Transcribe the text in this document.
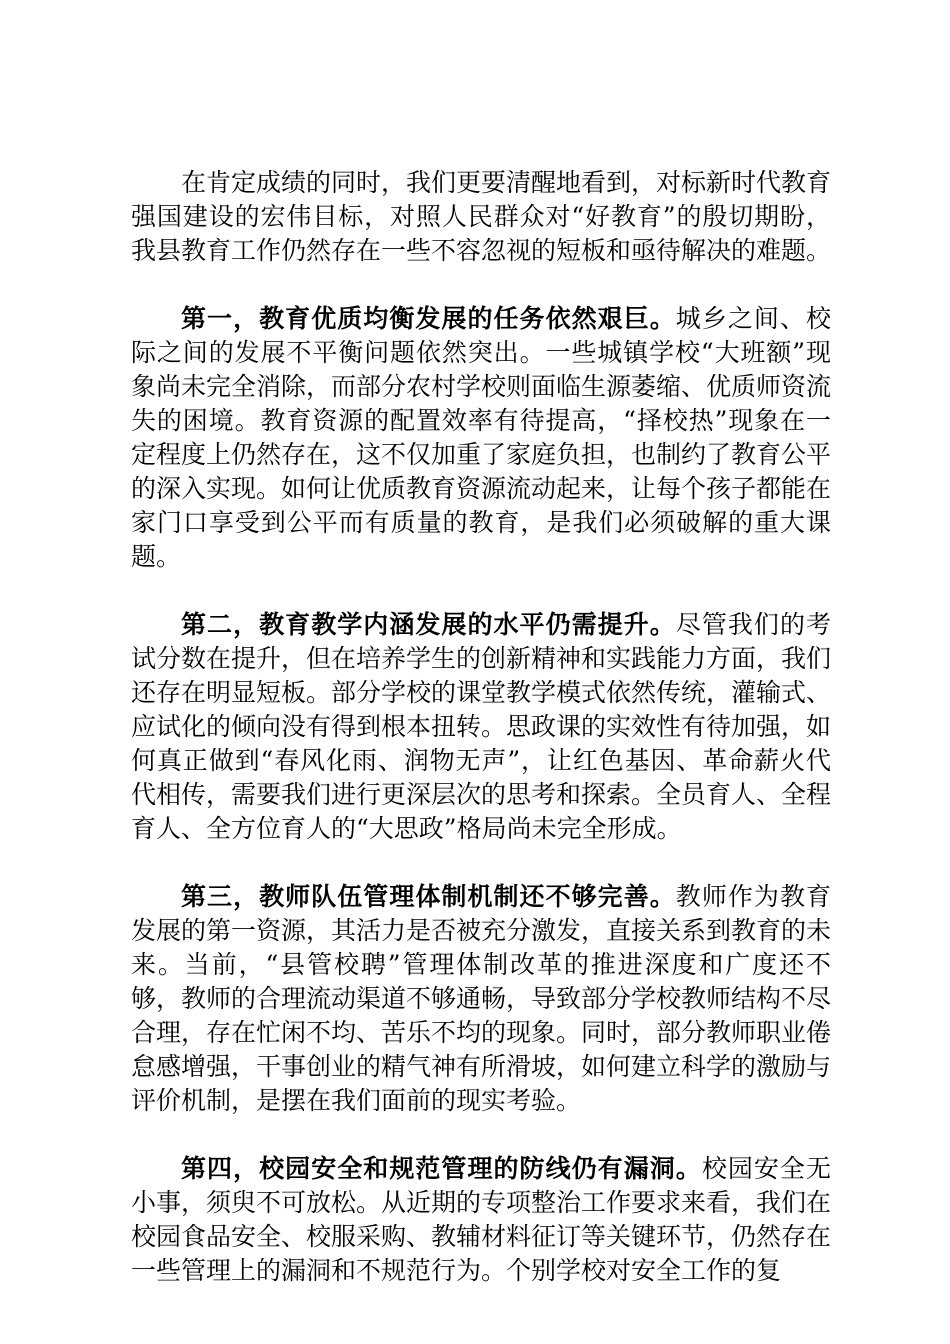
在肯定成绩的同时，我们更要清醒地看到，对标新时代教育强国建设的宏伟目标，对照人民群众对“好教育”的殷切期盼，我县教育工作仍然存在一些不容忽视的短板和亟待解决的难题。

第一，教育优质均衡发展的任务依然艰巨。城乡之间、校际之间的发展不平衡问题依然突出。一些城镇学校“大班额”现象尚未完全消除，而部分农村学校则面临生源萎缩、优质师资流失的困境。教育资源的配置效率有待提高，“择校热”现象在一定程度上仍然存在，这不仅加重了家庭负担，也制约了教育公平的深入实现。如何让优质教育资源流动起来，让每个孩子都能在家门口享受到公平而有质量的教育，是我们必须破解的重大课题。

第二，教育教学内涵发展的水平仍需提升。尽管我们的考试分数在提升，但在培养学生的创新精神和实践能力方面，我们还存在明显短板。部分学校的课堂教学模式依然传统，灌输式、应试化的倾向没有得到根本扭转。思政课的实效性有待加强，如何真正做到“春风化雨、润物无声”，让红色基因、革命薪火代代相传，需要我们进行更深层次的思考和探索。全员育人、全程育人、全方位育人的“大思政”格局尚未完全形成。

第三，教师队伍管理体制机制还不够完善。教师作为教育发展的第一资源，其活力是否被充分激发，直接关系到教育的未来。当前，“县管校聘”管理体制改革的推进深度和广度还不够，教师的合理流动渠道不够通畅，导致部分学校教师结构不尽合理，存在忙闲不均、苦乐不均的现象。同时，部分教师职业倦怠感增强，干事创业的精气神有所滑坡，如何建立科学的激励与评价机制，是摆在我们面前的现实考验。

第四，校园安全和规范管理的防线仍有漏洞。校园安全无小事，须臾不可放松。从近期的专项整治工作要求来看，我们在校园食品安全、校服采购、教辅材料征订等关键环节，仍然存在一些管理上的漏洞和不规范行为。个别学校对安全工作的复
